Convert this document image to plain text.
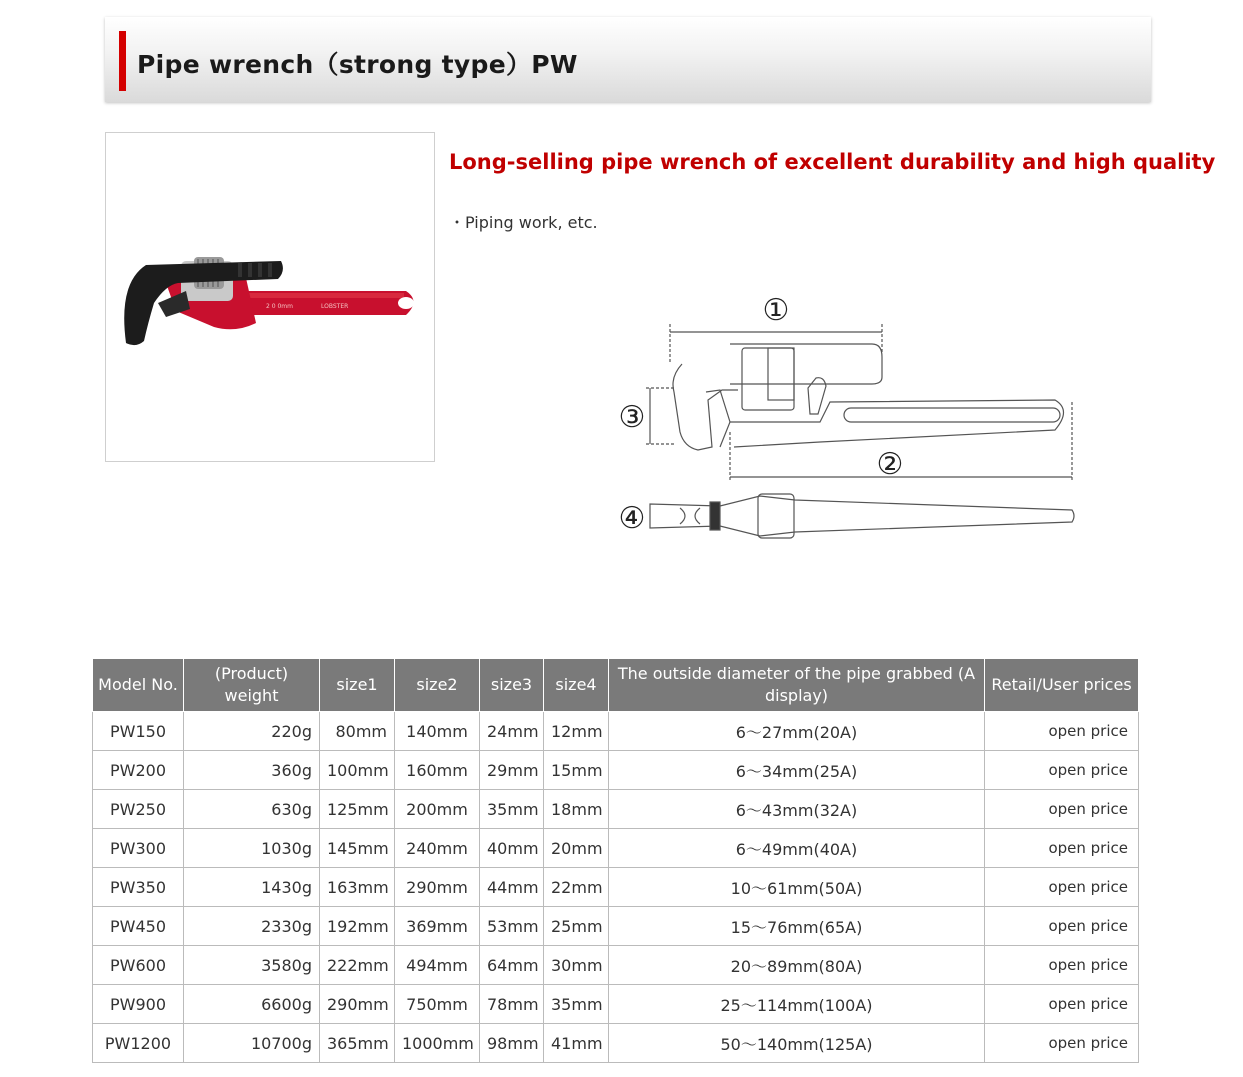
Pipe wrench（strong type）PW
2 0 0mm	LOBSTER
Long-selling pipe wrench of excellent durability and high quality
・Piping work, etc.
①
②
③
④
Model No.	(Product) weight	size1	size2	size3	size4	The outside diameter of the pipe grabbed (A display)	Retail/User prices
PW150	220g	80mm	140mm	24mm	12mm	6～27mm(20A)	open price
PW200	360g	100mm	160mm	29mm	15mm	6～34mm(25A)	open price
PW250	630g	125mm	200mm	35mm	18mm	6～43mm(32A)	open price
PW300	1030g	145mm	240mm	40mm	20mm	6～49mm(40A)	open price
PW350	1430g	163mm	290mm	44mm	22mm	10～61mm(50A)	open price
PW450	2330g	192mm	369mm	53mm	25mm	15～76mm(65A)	open price
PW600	3580g	222mm	494mm	64mm	30mm	20～89mm(80A)	open price
PW900	6600g	290mm	750mm	78mm	35mm	25～114mm(100A)	open price
PW1200	10700g	365mm	1000mm	98mm	41mm	50～140mm(125A)	open price
